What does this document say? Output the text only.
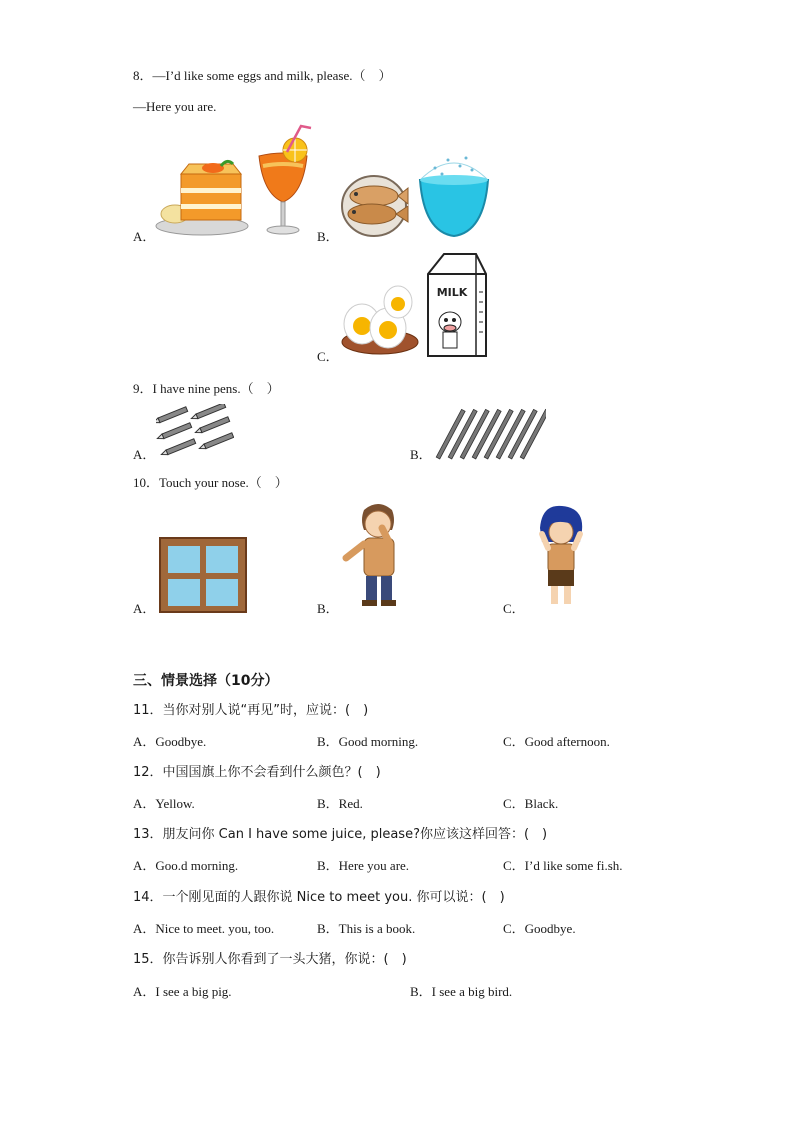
8．—I’d like some eggs and milk, please.（　）
—Here you are.
A．	B．
C．
MILK
9．I have nine pens.（　）
A．	B．
10．Touch your nose.（　）
A．	B．	C．
三、情景选择（10分）
11．当你对别人说“再见”时，应说：(　)
A．Goodbye.	B．Good morning.	C．Good afternoon.
12．中国国旗上你不会看到什么颜色？(　)
A．Yellow.	B．Red.	C．Black.
13．朋友问你 Can I have some juice, please?你应该这样回答：(　)
A．Goo.d morning.	B．Here you are.	C．I’d like some fi.sh.
14．一个刚见面的人跟你说 Nice to meet you. 你可以说：(　)
A．Nice to meet. you, too.	B．This is a book.	C．Goodbye.
15．你告诉别人你看到了一头大猪，你说：(　)
A．I see a big pig.	B．I see a big bird.
